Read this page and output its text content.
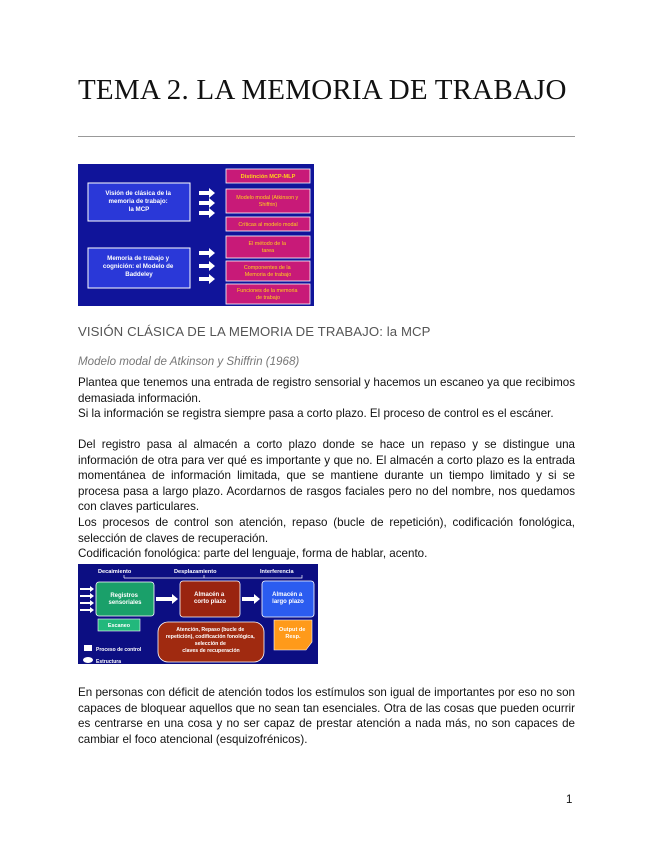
TEMA 2. LA MEMORIA DE TRABAJO
Visión de clásica de la memoria de trabajo: la MCP
Memoria de trabajo y cognición: el Modelo de Baddeley
Distinción MCP-MLP
Modelo modal (Atkinson y Shiffrin)
Críticas al modelo modal
El método de la tarea
Componentes de la Memoria de trabajo
Funciones de la memoria de trabajo
VISIÓN CLÁSICA DE LA MEMORIA DE TRABAJO: la MCP

Modelo modal de Atkinson y Shiffrin (1968)

Plantea que tenemos una entrada de registro sensorial y hacemos un escaneo ya que recibimos demasiada información.

Si la información se registra siempre pasa a corto plazo. El proceso de control es el escáner.

Del registro pasa al almacén a corto plazo donde se hace un repaso y se distingue una información de otra para ver qué es importante y que no. El almacén a corto plazo es la entrada momentánea de información limitada, que se mantiene durante un tiempo limitado y si se procesa pasa a largo plazo. Acordarnos de rasgos faciales pero no del nombre, nos quedamos con claves particulares.

Los procesos de control son atención, repaso (bucle de repetición), codificación fonológica, selección de claves de recuperación.

Codificación fonológica: parte del lenguaje, forma de hablar, acento.

Decaimiento	Desplazamiento	Interferencia
Registros sensoriales
Almacén a corto plazo
Almacén a largo plazo
Escaneo
Atención, Repaso (bucle de repetición), codificación fonológica, selección de claves de recuperación
Output de Resp.
Proceso de control
Estructura

En personas con déficit de atención todos los estímulos son igual de importantes por eso no son capaces de bloquear aquellos que no sean tan esenciales. Otra de las cosas que pueden ocurrir es centrarse en una cosa y no ser capaz de prestar atención a nada más, no son capaces de cambiar el foco atencional (esquizofrénicos).

1
